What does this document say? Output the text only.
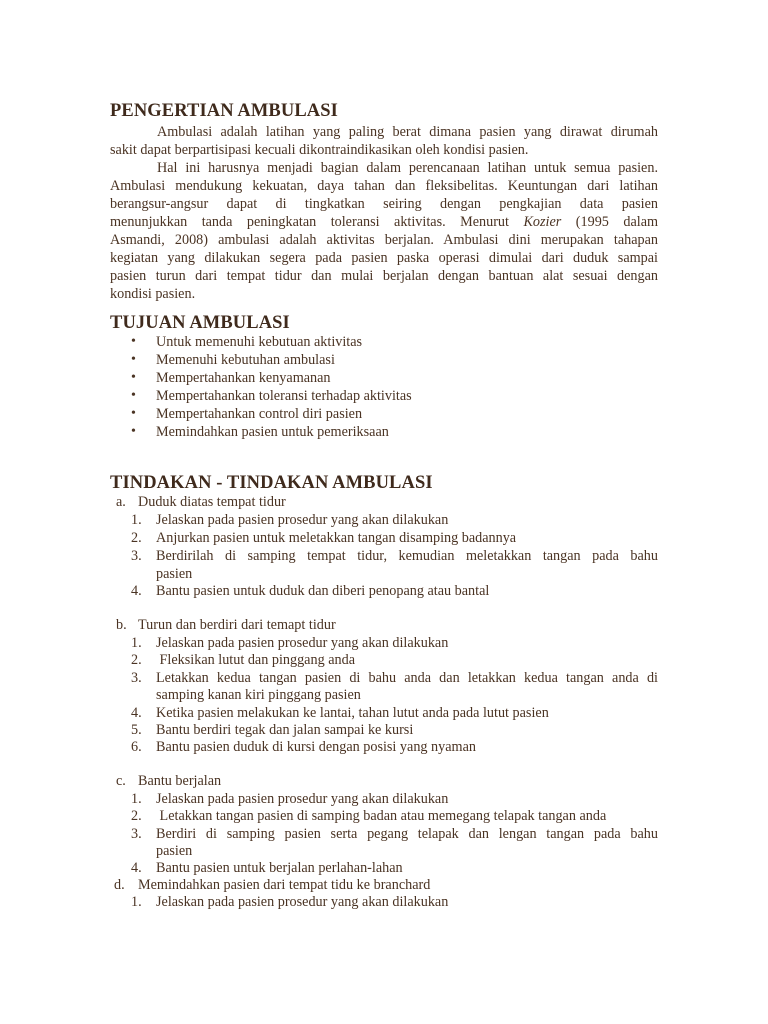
PENGERTIAN AMBULASI
Ambulasi adalah latihan yang paling berat dimana pasien yang dirawat dirumah
sakit dapat berpartisipasi kecuali dikontraindikasikan oleh kondisi pasien.
Hal ini harusnya menjadi bagian dalam perencanaan latihan untuk semua pasien.
Ambulasi mendukung kekuatan, daya tahan dan fleksibelitas. Keuntungan dari latihan
berangsur-angsur dapat di tingkatkan seiring dengan pengkajian data pasien
menunjukkan tanda peningkatan toleransi aktivitas. Menurut Kozier (1995 dalam
Asmandi, 2008) ambulasi adalah aktivitas berjalan. Ambulasi dini merupakan tahapan
kegiatan yang dilakukan segera pada pasien paska operasi dimulai dari duduk sampai
pasien turun dari tempat tidur dan mulai berjalan dengan bantuan alat sesuai dengan
kondisi pasien.
TUJUAN AMBULASI
• Untuk memenuhi kebutuan aktivitas
• Memenuhi kebutuhan ambulasi
• Mempertahankan kenyamanan
• Mempertahankan toleransi terhadap aktivitas
• Mempertahankan control diri pasien
• Memindahkan pasien untuk pemeriksaan
TINDAKAN - TINDAKAN AMBULASI
a. Duduk diatas tempat tidur
1. Jelaskan pada pasien prosedur yang akan dilakukan
2. Anjurkan pasien untuk meletakkan tangan disamping badannya
3. Berdirilah di samping tempat tidur, kemudian meletakkan tangan pada bahu
pasien
4. Bantu pasien untuk duduk dan diberi penopang atau bantal
b. Turun dan berdiri dari temapt tidur
1. Jelaskan pada pasien prosedur yang akan dilakukan
2. Fleksikan lutut dan pinggang anda
3. Letakkan kedua tangan pasien di bahu anda dan letakkan kedua tangan anda di
samping kanan kiri pinggang pasien
4. Ketika pasien melakukan ke lantai, tahan lutut anda pada lutut pasien
5. Bantu berdiri tegak dan jalan sampai ke kursi
6. Bantu pasien duduk di kursi dengan posisi yang nyaman
c. Bantu berjalan
1. Jelaskan pada pasien prosedur yang akan dilakukan
2. Letakkan tangan pasien di samping badan atau memegang telapak tangan anda
3. Berdiri di samping pasien serta pegang telapak dan lengan tangan pada bahu
pasien
4. Bantu pasien untuk berjalan perlahan-lahan
d. Memindahkan pasien dari tempat tidu ke branchard
1. Jelaskan pada pasien prosedur yang akan dilakukan
